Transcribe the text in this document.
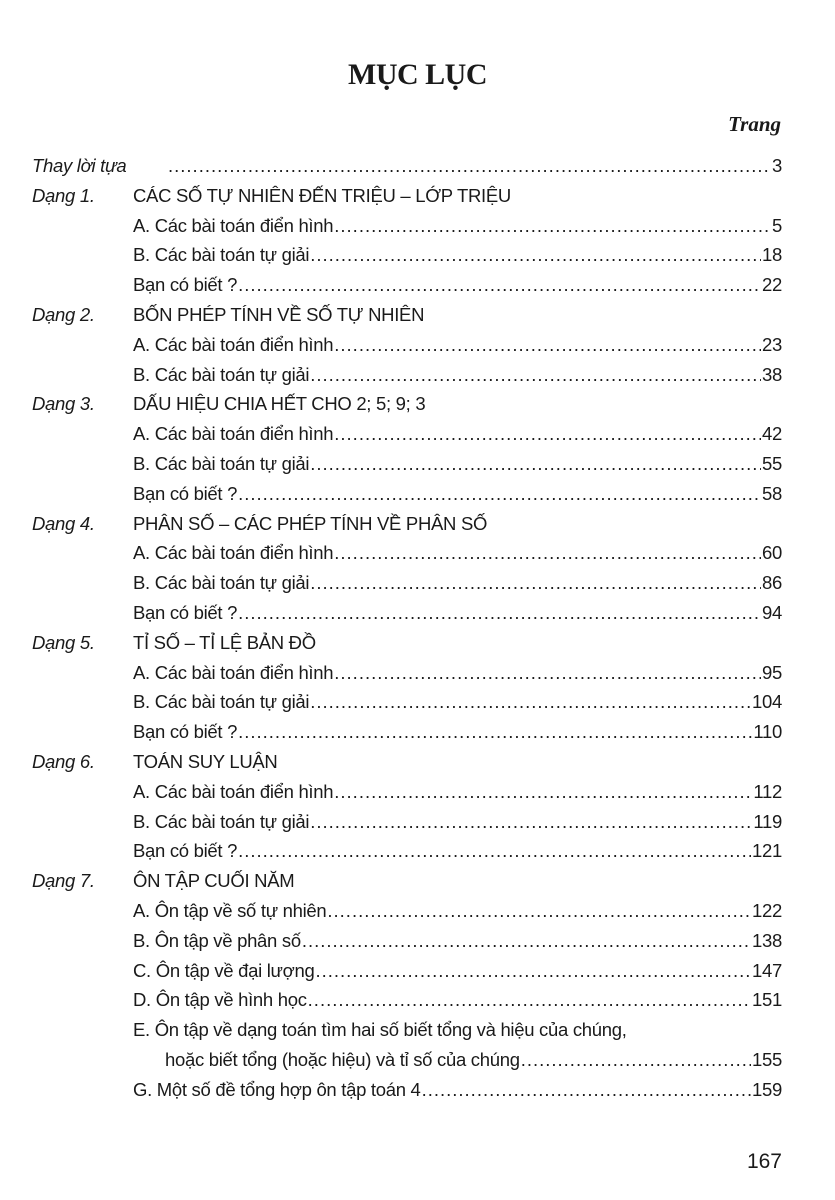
MỤC LỤC
Trang
Thay lời tựa .....	3
Dạng 1.	CÁC SỐ TỰ NHIÊN ĐẾN TRIỆU – LỚP TRIỆU
A. Các bài toán điển hình .....	5
B. Các bài toán tự giải .....	18
Bạn có biết ? .....	22
Dạng 2.	BỐN PHÉP TÍNH VỀ SỐ TỰ NHIÊN
A. Các bài toán điển hình .....	23
B. Các bài toán tự giải .....	38
Dạng 3.	DẤU HIỆU CHIA HẾT CHO 2; 5; 9; 3
A. Các bài toán điển hình .....	42
B. Các bài toán tự giải .....	55
Bạn có biết ? .....	58
Dạng 4.	PHÂN SỐ – CÁC PHÉP TÍNH VỀ PHÂN SỐ
A. Các bài toán điển hình .....	60
B. Các bài toán tự giải .....	86
Bạn có biết ? .....	94
Dạng 5.	TỈ SỐ – TỈ LỆ BẢN ĐỒ
A. Các bài toán điển hình .....	95
B. Các bài toán tự giải .....	104
Bạn có biết ? .....	110
Dạng 6.	TOÁN SUY LUẬN
A. Các bài toán điển hình .....	112
B. Các bài toán tự giải .....	119
Bạn có biết ? .....	121
Dạng 7.	ÔN TẬP CUỐI NĂM
A. Ôn tập về số tự nhiên .....	122
B. Ôn tập về phân số .....	138
C. Ôn tập về đại lượng .....	147
D. Ôn tập về hình học .....	151
E. Ôn tập về dạng toán tìm hai số biết tổng và hiệu của chúng,
hoặc biết tổng (hoặc hiệu) và tỉ số của chúng .....	155
G. Một số đề tổng hợp ôn tập toán 4 .....	159
167
